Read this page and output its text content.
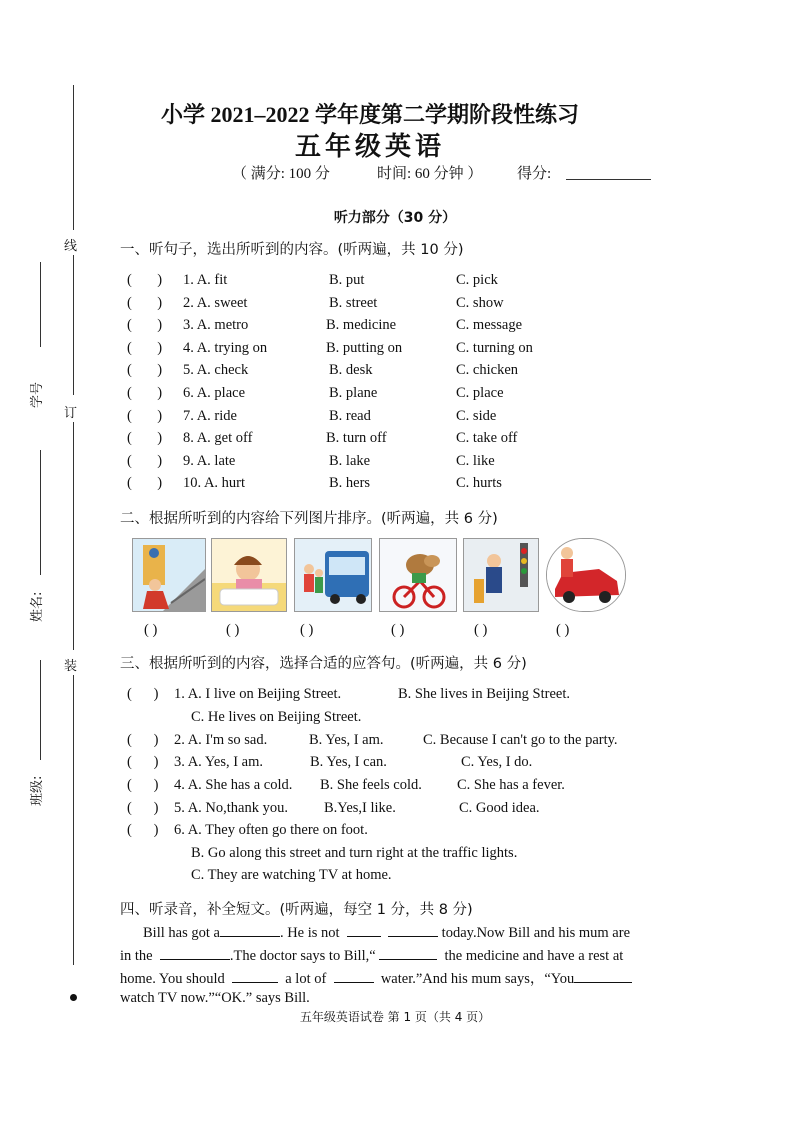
线
订
装
学号
姓名:
班级:
小学 2021–2022 学年度第二学期阶段性练习
五年级英语
（ 满分: 100 分	时间: 60 分钟 ） 得分:
听力部分（30 分）
一、听句子，选出所听到的内容。(听两遍，共 10 分)
(       ) 1. A. fit	B. put	C. pick
(       ) 2. A. sweet	B. street	C. show
(       ) 3. A. metro	B. medicine	C. message
(       ) 4. A. trying on	B. putting on	C. turning on
(       ) 5. A. check	B. desk	C. chicken
(       ) 6. A. place	B. plane	C. place
(       ) 7. A. ride	B. read	C. side
(       ) 8. A. get off	B. turn off	C. take off
(       ) 9. A. late	B. lake	C. like
(       ) 10. A. hurt	B. hers	C. hurts
二、根据所听到的内容给下列图片排序。(听两遍，共 6 分)
( )	( )	( )	( )	( )	( )
三、根据所听到的内容，选择合适的应答句。(听两遍，共 6 分)
(      ) 1. A. I live on Beijing Street.	B. She lives in Beijing Street.
C. He lives on Beijing Street.
(      ) 2. A. I'm so sad.	B. Yes, I am.	C. Because I can't go to the party.
(      ) 3. A. Yes, I am.	B. Yes, I can.	C. Yes, I do.
(      ) 4. A. She has a cold. B. She feels cold. C. She has a fever.
(      ) 5. A. No,thank you. B.Yes,I like.	C. Good idea.
(      ) 6. A. They often go there on foot.
B. Go along this street and turn right at the traffic lights.
C. They are watching TV at home.
四、听录音，补全短文。(听两遍，每空 1 分，共 8 分)
Bill has got a	. He is not	today.Now Bill and his mum are
in the	.The doctor says to Bill,“	the medicine and have a rest at
home. You should	a lot of	water.”And his mum says，“You
watch TV now.”“OK.” says Bill.
五年级英语试卷 第 1 页（共 4 页）
